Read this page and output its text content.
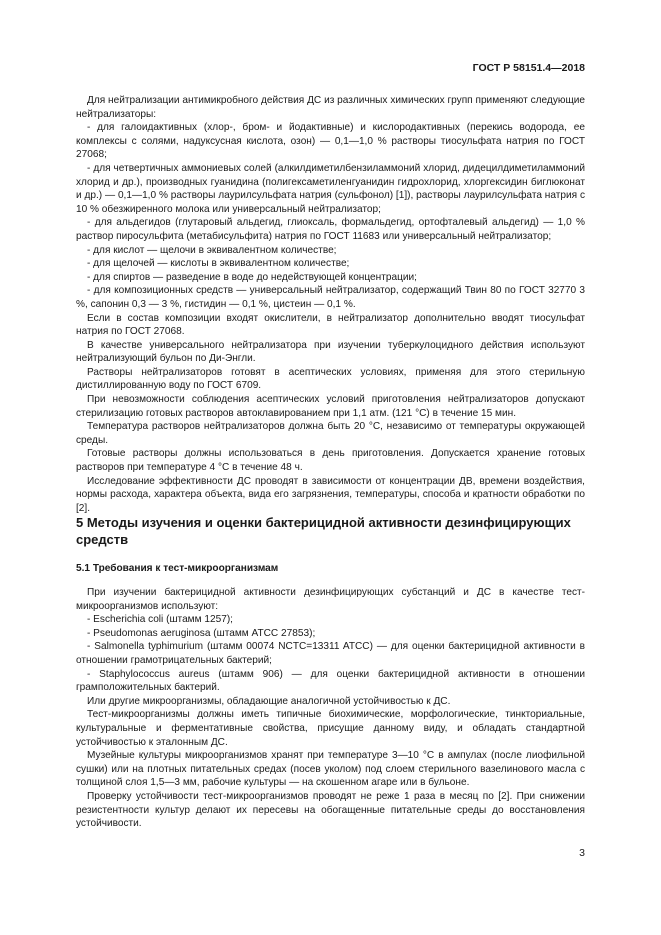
ГОСТ Р 58151.4—2018

Для нейтрализации антимикробного действия ДС из различных химических групп применяют следующие нейтрализаторы:

- для галоидактивных (хлор-, бром- и йодактивные) и кислородактивных (перекись водорода, ее комплексы с солями, надуксусная кислота, озон) — 0,1—1,0 % растворы тиосульфата натрия по ГОСТ 27068;

- для четвертичных аммониевых солей (алкилдиметилбензиламмоний хлорид, дидецилдиметиламмоний хлорид и др.), производных гуанидина (полигексаметиленгуанидин гидрохлорид, хлоргексидин биглюконат и др.) — 0,1—1,0 % растворы лаурилсульфата натрия (сульфонол) [1]), растворы лаурилсульфата натрия с 10 % обезжиренного молока или универсальный нейтрализатор;

- для альдегидов (глутаровый альдегид, глиоксаль, формальдегид, ортофталевый альдегид) — 1,0 % раствор пиросульфита (метабисульфита) натрия по ГОСТ 11683 или универсальный нейтрализатор;

- для кислот — щелочи в эквивалентном количестве;

- для щелочей — кислоты в эквивалентном количестве;

- для спиртов — разведение в воде до недействующей концентрации;

- для композиционных средств — универсальный нейтрализатор, содержащий Твин 80 по ГОСТ 32770 3 %, сапонин 0,3 — 3 %, гистидин — 0,1 %, цистеин — 0,1 %.

Если в состав композиции входят окислители, в нейтрализатор дополнительно вводят тиосульфат натрия по ГОСТ 27068.

В качестве универсального нейтрализатора при изучении туберкулоцидного действия используют нейтрализующий бульон по Ди-Энгли.

Растворы нейтрализаторов готовят в асептических условиях, применяя для этого стерильную дистиллированную воду по ГОСТ 6709.

При невозможности соблюдения асептических условий приготовления нейтрализаторов допускают стерилизацию готовых растворов автоклавированием при 1,1 атм. (121 °С) в течение 15 мин.

Температура растворов нейтрализаторов должна быть 20 °С, независимо от температуры окружающей среды.

Готовые растворы должны использоваться в день приготовления. Допускается хранение готовых растворов при температуре 4 °С в течение 48 ч.

Исследование эффективности ДС проводят в зависимости от концентрации ДВ, времени воздействия, нормы расхода, характера объекта, вида его загрязнения, температуры, способа и кратности обработки по [2].

5 Методы изучения и оценки бактерицидной активности дезинфицирующих средств

5.1 Требования к тест-микроорганизмам

При изучении бактерицидной активности дезинфицирующих субстанций и ДС в качестве тест-микроорганизмов используют:

- Escherichia coli (штамм 1257);

- Pseudomonas aeruginosa (штамм АТСС 27853);

- Salmonella typhimurium (штамм 00074 NCTC=13311 ATCC) — для оценки бактерицидной активности в отношении грамотрицательных бактерий;

- Staphylococcus aureus (штамм 906) — для оценки бактерицидной активности в отношении грамположительных бактерий.

Или другие микроорганизмы, обладающие аналогичной устойчивостью к ДС.

Тест-микроорганизмы должны иметь типичные биохимические, морфологические, тинкториальные, культуральные и ферментативные свойства, присущие данному виду, и обладать стандартной устойчивостью к эталонным ДС.

Музейные культуры микроорганизмов хранят при температуре 3—10 °С в ампулах (после лиофильной сушки) или на плотных питательных средах (посев уколом) под слоем стерильного вазелинового масла с толщиной слоя 1,5—3 мм, рабочие культуры — на скошенном агаре или в бульоне.

Проверку устойчивости тест-микроорганизмов проводят не реже 1 раза в месяц по [2]. При снижении резистентности культур делают их пересевы на обогащенные питательные среды до восстановления устойчивости.

3
